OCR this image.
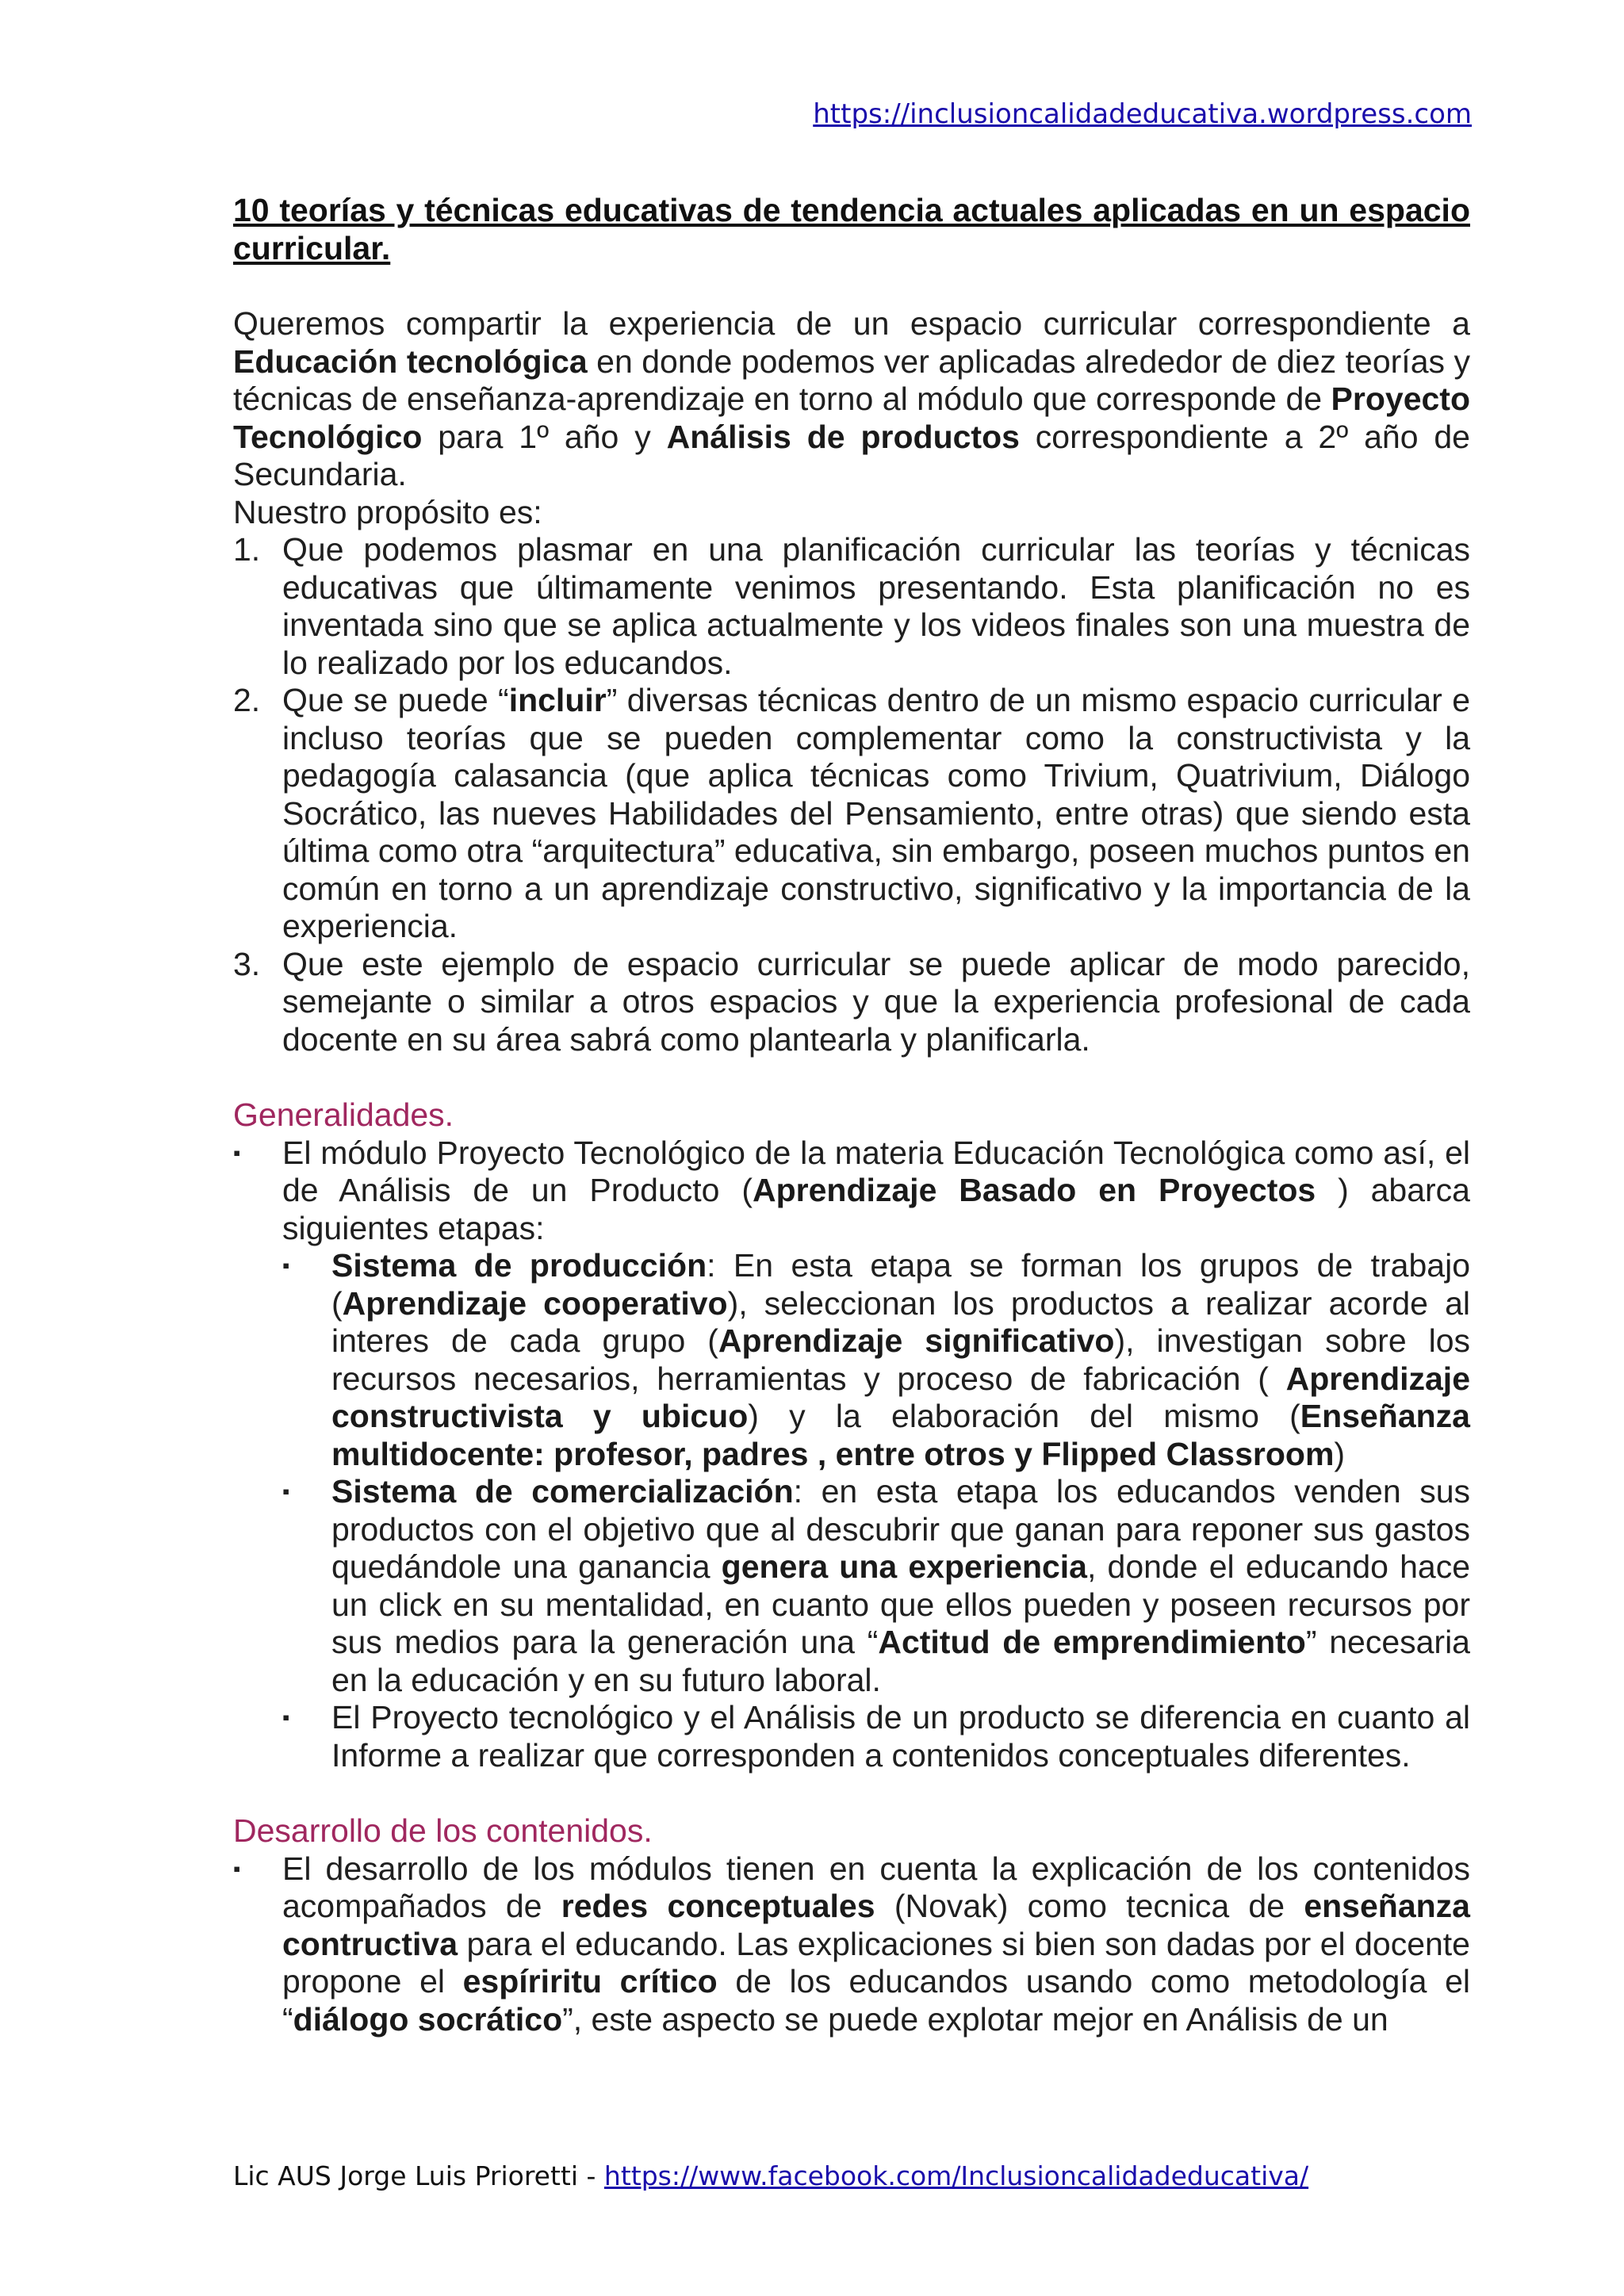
https://inclusioncalidadeducativa.wordpress.com
10 teorías y técnicas educativas de tendencia actuales aplicadas en un espacio curricular.

Queremos compartir la experiencia de un espacio curricular correspondiente a Educación tecnológica en donde podemos ver aplicadas alrededor de diez teorías y técnicas de enseñanza-aprendizaje en torno al módulo que corresponde de Proyecto Tecnológico para 1º año y Análisis de productos correspondiente a 2º año de Secundaria.

Nuestro propósito es:

1. Que podemos plasmar en una planificación curricular las teorías y técnicas educativas que últimamente venimos presentando. Esta planificación no es inventada sino que se aplica actualmente y los videos finales son una muestra de lo realizado por los educandos.
2. Que se puede “incluir” diversas técnicas dentro de un mismo espacio curricular e incluso teorías que se pueden complementar como la constructivista y la pedagogía calasancia (que aplica técnicas como Trivium, Quatrivium, Diálogo Socrático, las nueves Habilidades del Pensamiento, entre otras) que siendo esta última como otra “arquitectura” educativa, sin embargo, poseen muchos puntos en común en torno a un aprendizaje constructivo, significativo y la importancia de la experiencia.
3. Que este ejemplo de espacio curricular se puede aplicar de modo parecido, semejante o similar a otros espacios y que la experiencia profesional de cada docente en su área sabrá como plantearla y planificarla.

Generalidades.

▪	El módulo Proyecto Tecnológico de la materia Educación Tecnológica como así, el de Análisis de un Producto (Aprendizaje Basado en Proyectos ) abarca siguientes etapas:
▪	Sistema de producción: En esta etapa se forman los grupos de trabajo (Aprendizaje cooperativo), seleccionan los productos a realizar acorde al interes de cada grupo (Aprendizaje significativo), investigan sobre los recursos necesarios, herramientas y proceso de fabricación ( Aprendizaje constructivista y ubicuo) y la elaboración del mismo (Enseñanza multidocente: profesor, padres , entre otros y Flipped Classroom)
▪	Sistema de comercialización: en esta etapa los educandos venden sus productos con el objetivo que al descubrir que ganan para reponer sus gastos quedándole una ganancia genera una experiencia, donde el educando hace un click en su mentalidad, en cuanto que ellos pueden y poseen recursos por sus medios para la generación una “Actitud de emprendimiento” necesaria en la educación y en su futuro laboral.
▪	El Proyecto tecnológico y el Análisis de un producto se diferencia en cuanto al Informe a realizar que corresponden a contenidos conceptuales diferentes.

Desarrollo de los contenidos.

▪	El desarrollo de los módulos tienen en cuenta la explicación de los contenidos acompañados de redes conceptuales (Novak) como tecnica de enseñanza contructiva para el educando. Las explicaciones si bien son dadas por el docente propone el espíriritu crítico de los educandos usando como metodología el “diálogo socrático”, este aspecto se puede explotar mejor en Análisis de un
Lic AUS Jorge Luis Prioretti - https://www.facebook.com/Inclusioncalidadeducativa/
